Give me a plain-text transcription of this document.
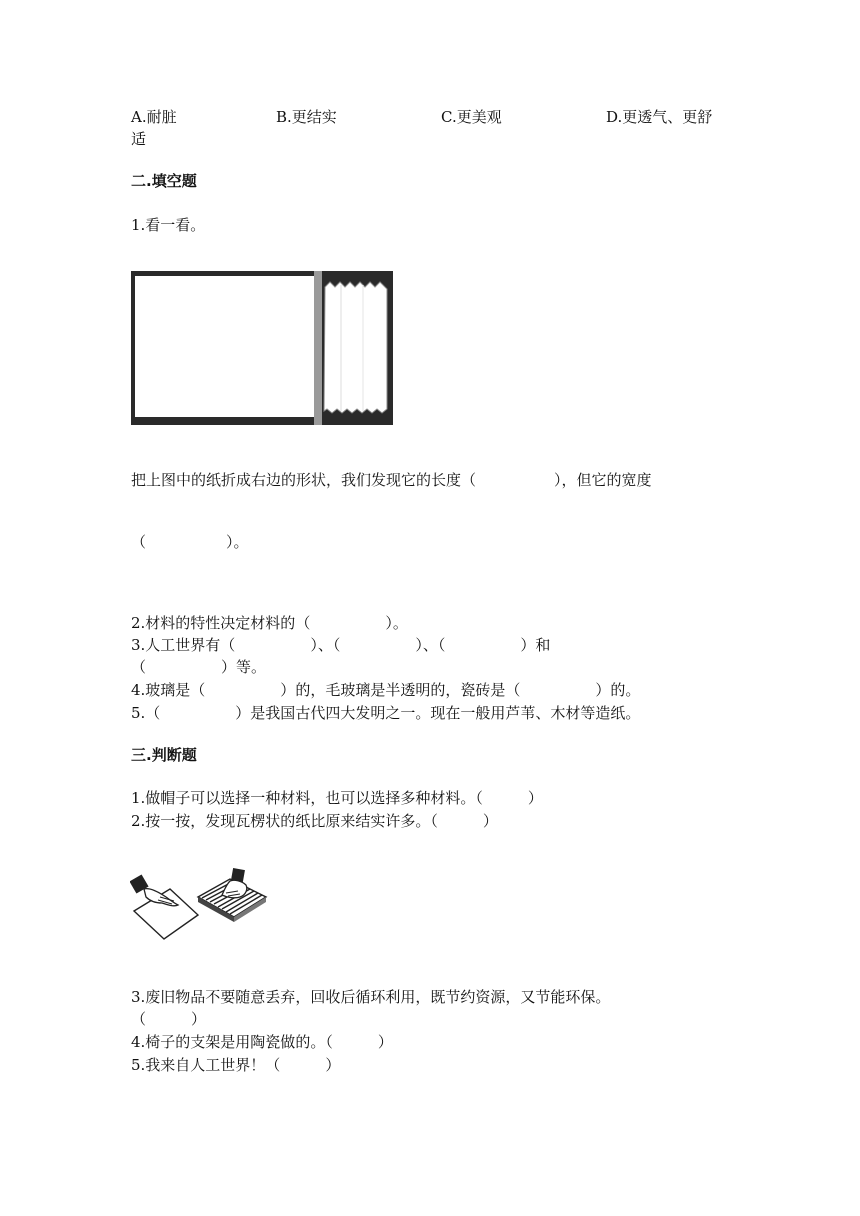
A.耐脏	B.更结实	C.更美观	D.更透气、更舒
适
二.填空题
1.看一看。
把上图中的纸折成右边的形状，我们发现它的长度（	），但它的宽度
（	）。
2.材料的特性决定材料的（　　　　　）。
3.人工世界有（　　　　　）、（　　　　　）、（　　　　　）和
（　　　　　）等。
4.玻璃是（　　　　　）的，毛玻璃是半透明的，瓷砖是（　　　　　）的。
5.（　　　　　）是我国古代四大发明之一。现在一般用芦苇、木材等造纸。
三.判断题
1.做帽子可以选择一种材料，也可以选择多种材料。（　　　）
2.按一按，发现瓦楞状的纸比原来结实许多。（　　　）
3.废旧物品不要随意丢弃，回收后循环利用，既节约资源，又节能环保。
（　　　）
4.椅子的支架是用陶瓷做的。（　　　）
5.我来自人工世界！（　　　）
